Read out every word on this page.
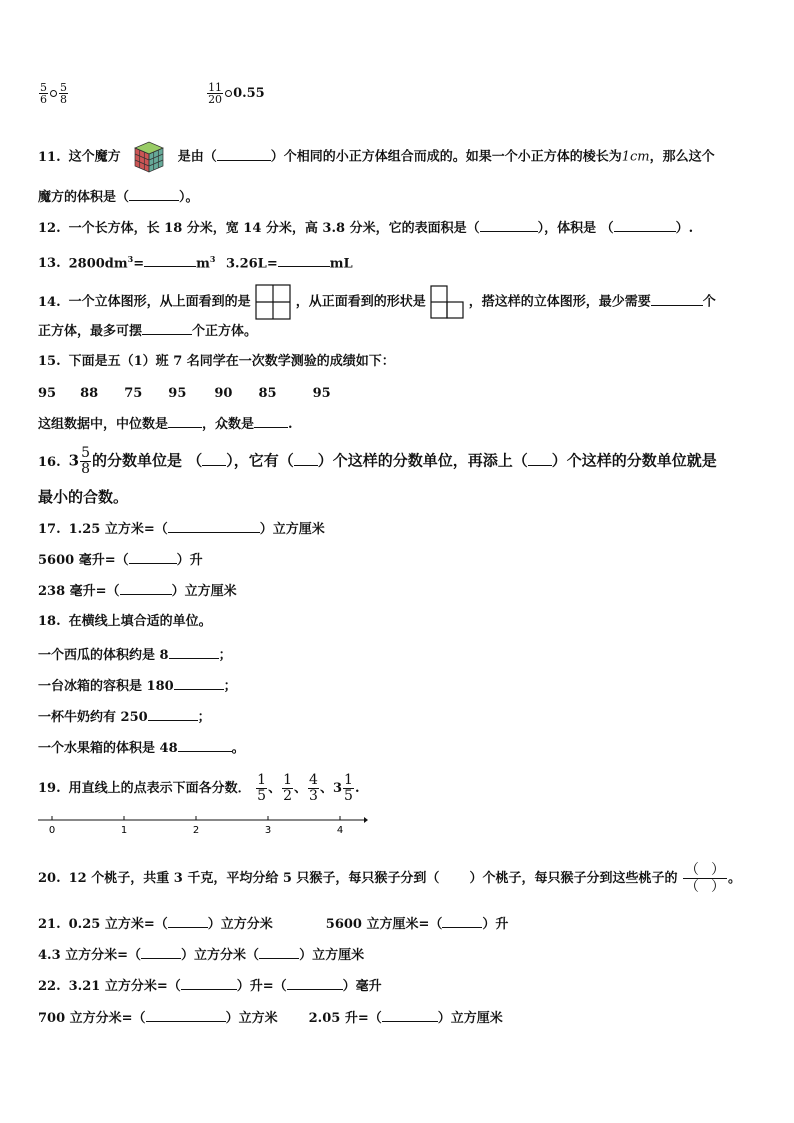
$\frac{5}{6} \frac{5}{8}$
	$\frac{11}{20} 0.55$
11. 这个魔方	是由（	）个相同的小正方体组合而成的。如果一个小正方体的棱长为1cm，那么这个
魔方的体积是（	）。
12. 一个长方体，长 18 分米，宽 14 分米，高 3.8 分米，它的表面积是（	），体积是 （	）.
13. $2800dm^3=$	$m^3$ 3.26L=	mL
14. 一个立体图形，从上面看到的是	，从正面看到的形状是	，搭这样的立体图形，最少需要	个
正方体，最多可摆	个正方体。
15. 下面是五（1）班 7 名同学在一次数学测验的成绩如下：
95 88 75 95 90 85	95
这组数据中，中位数是	，众数是	.
16. $3 \frac{5}{8}$ 的分数单位是 （ ），它有（ ）个这样的分数单位，再添上（ ）个这样的分数单位就是
最小的合数。
17. 1.25 立方米=（	）立方厘米
5600 毫升=（	）升
238 毫升=（	）立方厘米
18. 在横线上填合适的单位。
一个西瓜的体积约是 8	；
一台冰箱的容积是 180	；
一杯牛奶约有 250	；
一个水果箱的体积是 48	。
19. 用直线上的点表示下面各分数． $\frac{1}{5}$ 、 $\frac{1}{2}$ 、 $\frac{4}{3}$ 、$3 \frac{1}{5}$ .
0	1	2	3	4
20. 12 个桃子，共重 3 千克，平均分给 5 只猴子，每只猴子分到（ ）个桃子，每只猴子分到这些桃子的 $\frac{( )}{( )}$ 。
21. 0.25 立方米=（	）立方分米	5600 立方厘米=（	）升
4.3 立方分米=（	）立方分米（	）立方厘米
22. 3.21 立方分米=（	）升=（	）毫升
700 立方分米=（	）立方米 2.05 升=（	）立方厘米
